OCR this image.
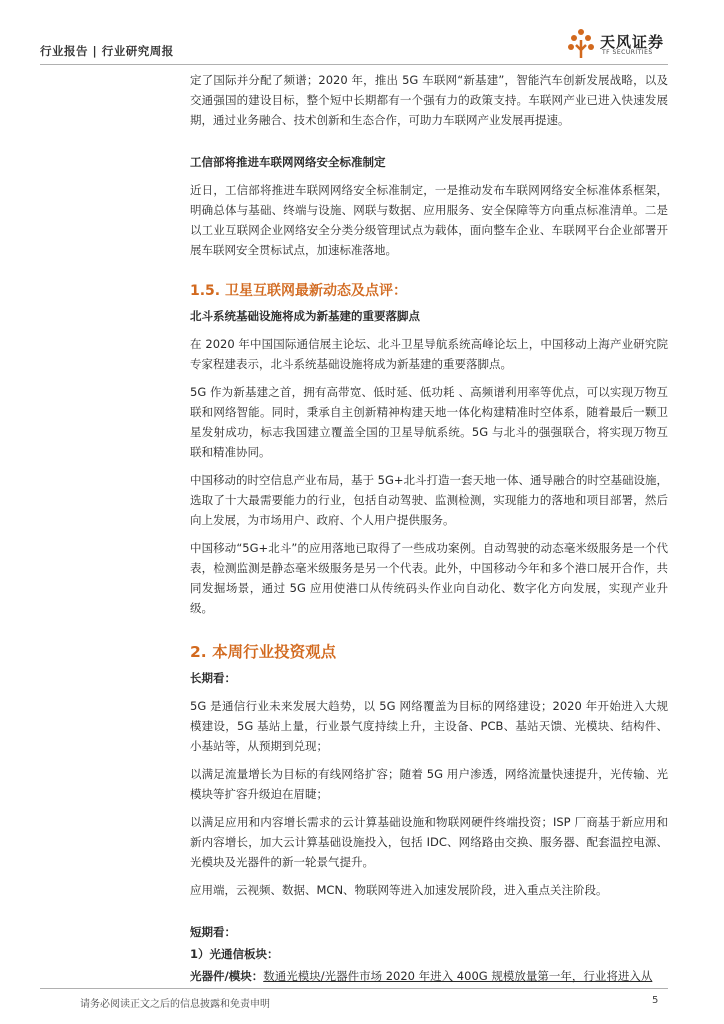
行业报告 | 行业研究周报	天风证券
TF SECURITIES

定了国际并分配了频谱；2020 年，推出 5G 车联网“新基建”，智能汽车创新发展战略，以及交通强国的建设目标，整个短中长期都有一个强有力的政策支持。车联网产业已进入快速发展期，通过业务融合、技术创新和生态合作，可助力车联网产业发展再提速。

工信部将推进车联网网络安全标准制定

近日，工信部将推进车联网网络安全标准制定，一是推动发布车联网网络安全标准体系框架，明确总体与基础、终端与设施、网联与数据、应用服务、安全保障等方向重点标准清单。二是以工业互联网企业网络安全分类分级管理试点为载体，面向整车企业、车联网平台企业部署开展车联网安全贯标试点，加速标准落地。

1.5. 卫星互联网最新动态及点评：
北斗系统基础设施将成为新基建的重要落脚点

在 2020 年中国国际通信展主论坛、北斗卫星导航系统高峰论坛上，中国移动上海产业研究院专家程建表示，北斗系统基础设施将成为新基建的重要落脚点。

5G 作为新基建之首，拥有高带宽、低时延、低功耗 、高频谱利用率等优点，可以实现万物互联和网络智能。同时，秉承自主创新精神构建天地一体化构建精准时空体系，随着最后一颗卫星发射成功，标志我国建立覆盖全国的卫星导航系统。5G 与北斗的强强联合，将实现万物互联和精准协同。

中国移动的时空信息产业布局，基于 5G+北斗打造一套天地一体、通导融合的时空基础设施，选取了十大最需要能力的行业，包括自动驾驶、监测检测，实现能力的落地和项目部署，然后向上发展，为市场用户、政府、个人用户提供服务。

中国移动“5G+北斗”的应用落地已取得了一些成功案例。自动驾驶的动态毫米级服务是一个代表，检测监测是静态毫米级服务是另一个代表。此外，中国移动今年和多个港口展开合作，共同发掘场景，通过 5G 应用使港口从传统码头作业向自动化、数字化方向发展，实现产业升级。

2. 本周行业投资观点
长期看：

5G 是通信行业未来发展大趋势，以 5G 网络覆盖为目标的网络建设；2020 年开始进入大规模建设，5G 基站上量，行业景气度持续上升，主设备、PCB、基站天馈、光模块、结构件、小基站等，从预期到兑现；

以满足流量增长为目标的有线网络扩容；随着 5G 用户渗透，网络流量快速提升，光传输、光模块等扩容升级迫在眉睫；

以满足应用和内容增长需求的云计算基础设施和物联网硬件终端投资；ISP 厂商基于新应用和新内容增长，加大云计算基础设施投入，包括 IDC、网络路由交换、服务器、配套温控电源、光模块及光器件的新一轮景气提升。

应用端，云视频、数据、MCN、物联网等进入加速发展阶段，进入重点关注阶段。

短期看：
1）光通信板块：

光器件/模块：数通光模块/光器件市场 2020 年进入 400G 规模放量第一年，行业将进入从

请务必阅读正文之后的信息披露和免责申明	5
